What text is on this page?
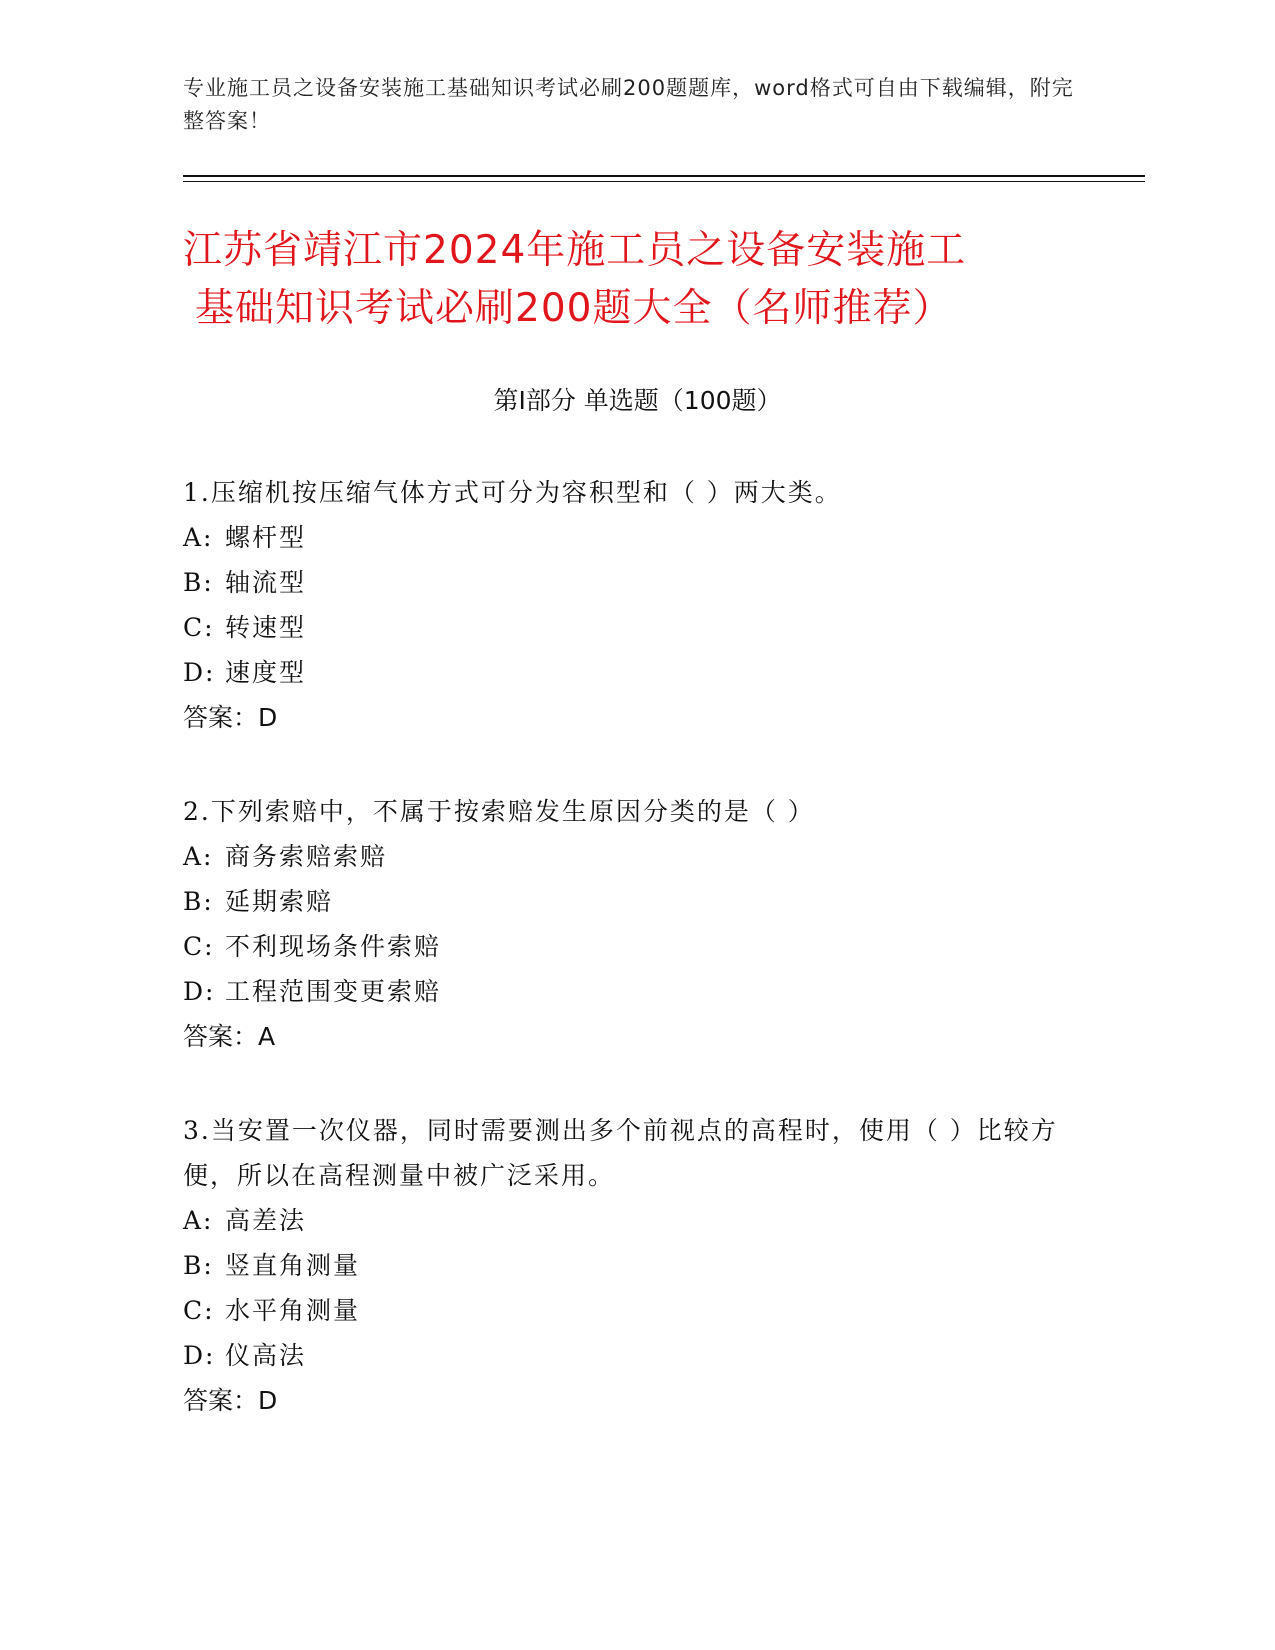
专业施工员之设备安装施工基础知识考试必刷200题题库，word格式可自由下载编辑，附完整答案！
江苏省靖江市2024年施工员之设备安装施工
基础知识考试必刷200题大全（名师推荐）
第I部分 单选题（100题）

1.压缩机按压缩气体方式可分为容积型和（ ）两大类。

A: 螺杆型
B: 轴流型
C: 转速型
D: 速度型
答案：D

2.下列索赔中，不属于按索赔发生原因分类的是（ ）

A: 商务索赔索赔
B: 延期索赔
C: 不利现场条件索赔
D: 工程范围变更索赔
答案：A

3.当安置一次仪器，同时需要测出多个前视点的高程时，使用（ ）比较方便，所以在高程测量中被广泛采用。

A: 高差法
B: 竖直角测量
C: 水平角测量
D: 仪高法
答案：D
